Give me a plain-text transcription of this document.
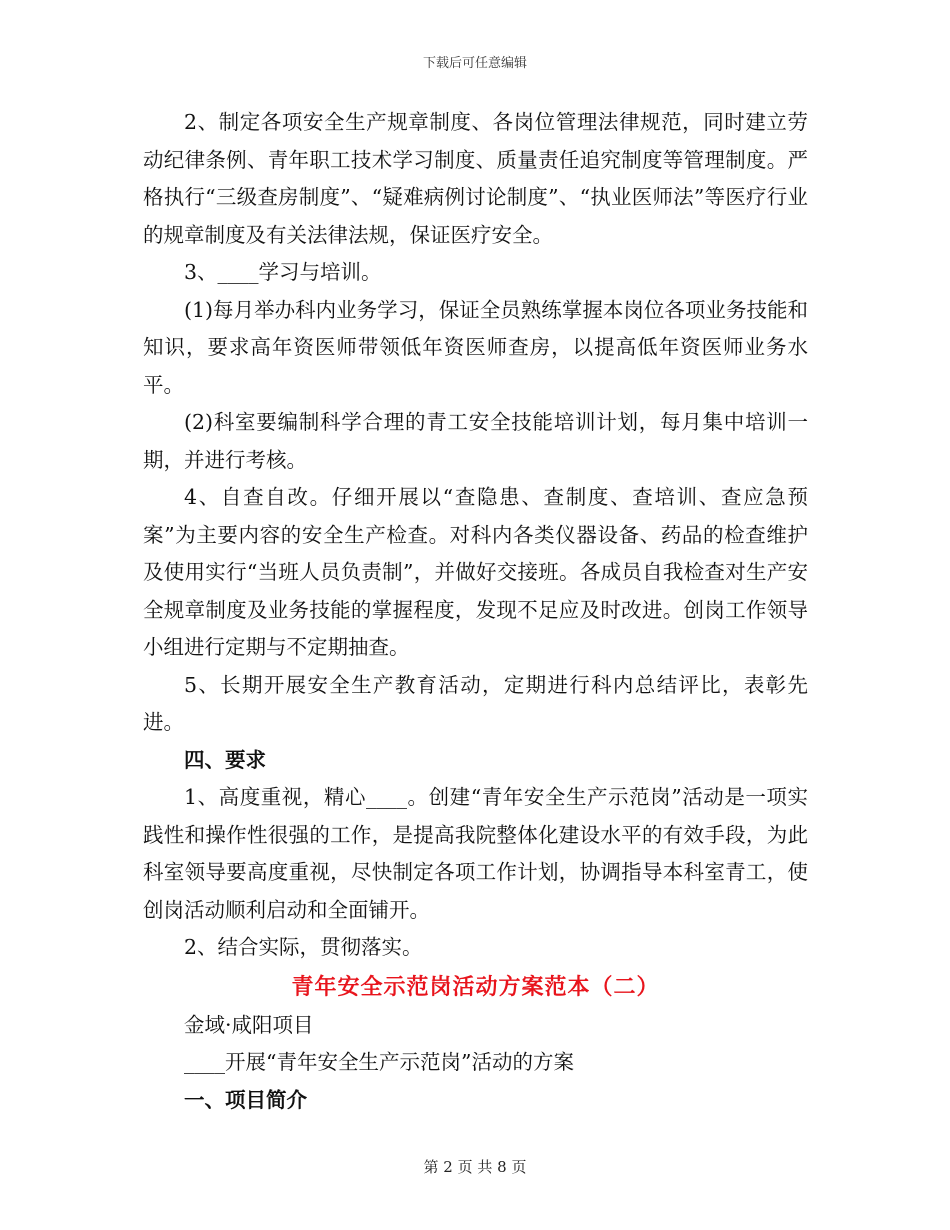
下载后可任意编辑

2、制定各项安全生产规章制度、各岗位管理法律规范，同时建立劳动纪律条例、青年职工技术学习制度、质量责任追究制度等管理制度。严格执行“三级查房制度”、“疑难病例讨论制度”、“执业医师法”等医疗行业的规章制度及有关法律法规，保证医疗安全。

3、____学习与培训。

(1)每月举办科内业务学习，保证全员熟练掌握本岗位各项业务技能和知识，要求高年资医师带领低年资医师查房，以提高低年资医师业务水平。

(2)科室要编制科学合理的青工安全技能培训计划，每月集中培训一期，并进行考核。

4、自查自改。仔细开展以“查隐患、查制度、查培训、查应急预案”为主要内容的安全生产检查。对科内各类仪器设备、药品的检查维护及使用实行“当班人员负责制”，并做好交接班。各成员自我检查对生产安全规章制度及业务技能的掌握程度，发现不足应及时改进。创岗工作领导小组进行定期与不定期抽查。

5、长期开展安全生产教育活动，定期进行科内总结评比，表彰先进。

四、要求

1、高度重视，精心____。创建“青年安全生产示范岗”活动是一项实践性和操作性很强的工作，是提高我院整体化建设水平的有效手段，为此科室领导要高度重视，尽快制定各项工作计划，协调指导本科室青工，使创岗活动顺利启动和全面铺开。

2、结合实际，贯彻落实。

青年安全示范岗活动方案范本（二）

金域·咸阳项目

____开展“青年安全生产示范岗”活动的方案

一、项目简介

第 2 页 共 8 页
